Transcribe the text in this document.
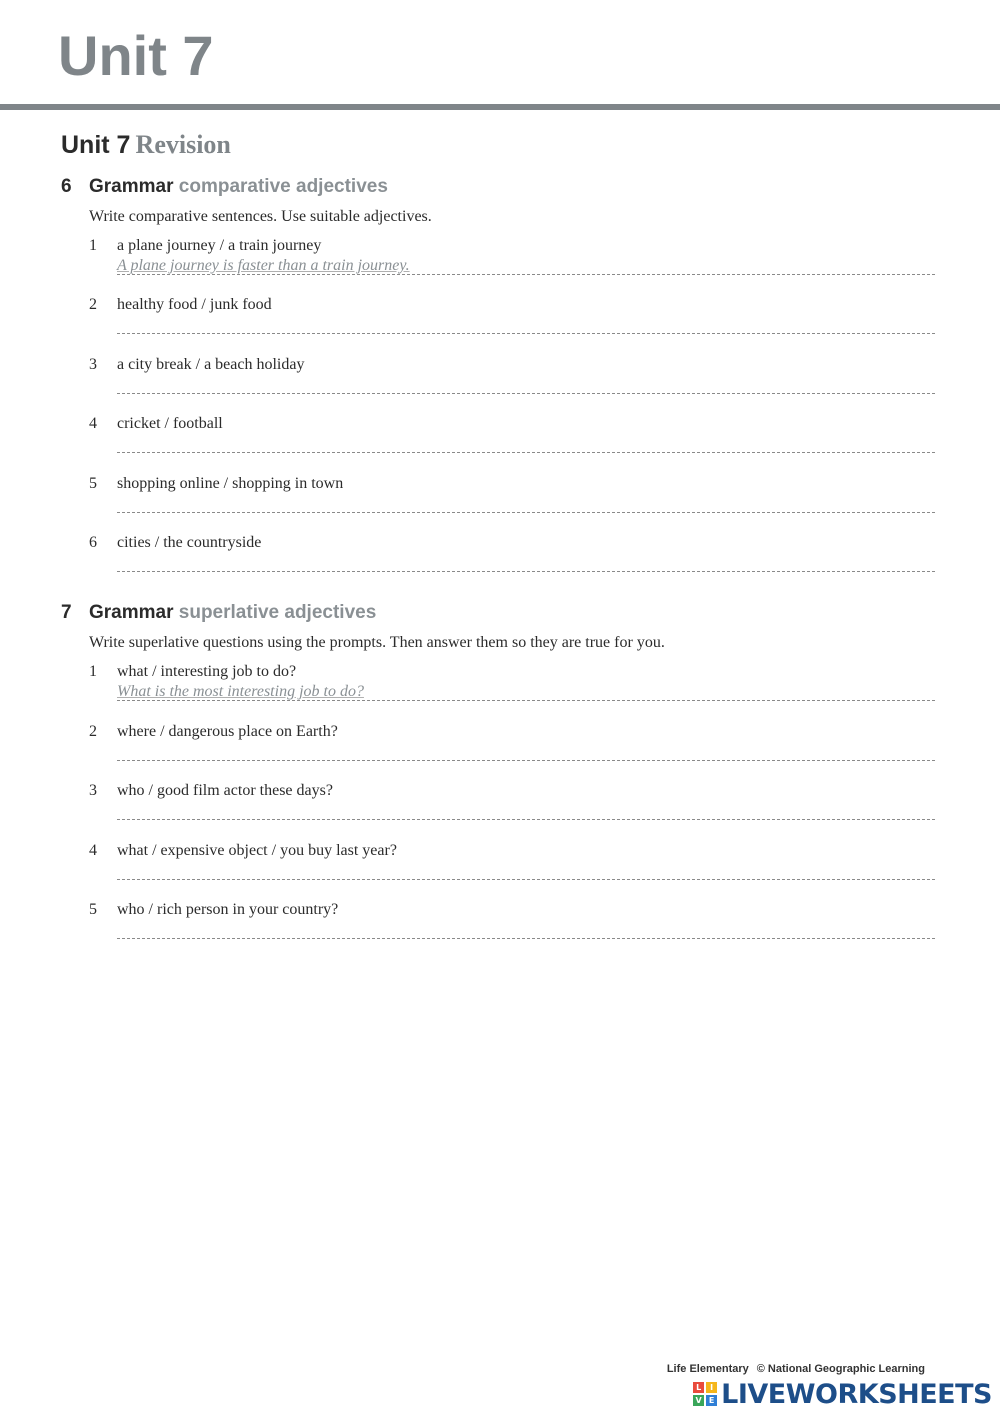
Unit 7
Unit 7 Revision
6 Grammar comparative adjectives
Write comparative sentences. Use suitable adjectives.
1 a plane journey / a train journey
A plane journey is faster than a train journey.
2 healthy food / junk food
3 a city break / a beach holiday
4 cricket / football
5 shopping online / shopping in town
6 cities / the countryside
7 Grammar superlative adjectives
Write superlative questions using the prompts. Then answer them so they are true for you.
1 what / interesting job to do?
What is the most interesting job to do?
2 where / dangerous place on Earth?
3 who / good film actor these days?
4 what / expensive object / you buy last year?
5 who / rich person in your country?
Life Elementary © National Geographic Learning
L	I
V E LIVEWORKSHEETS
